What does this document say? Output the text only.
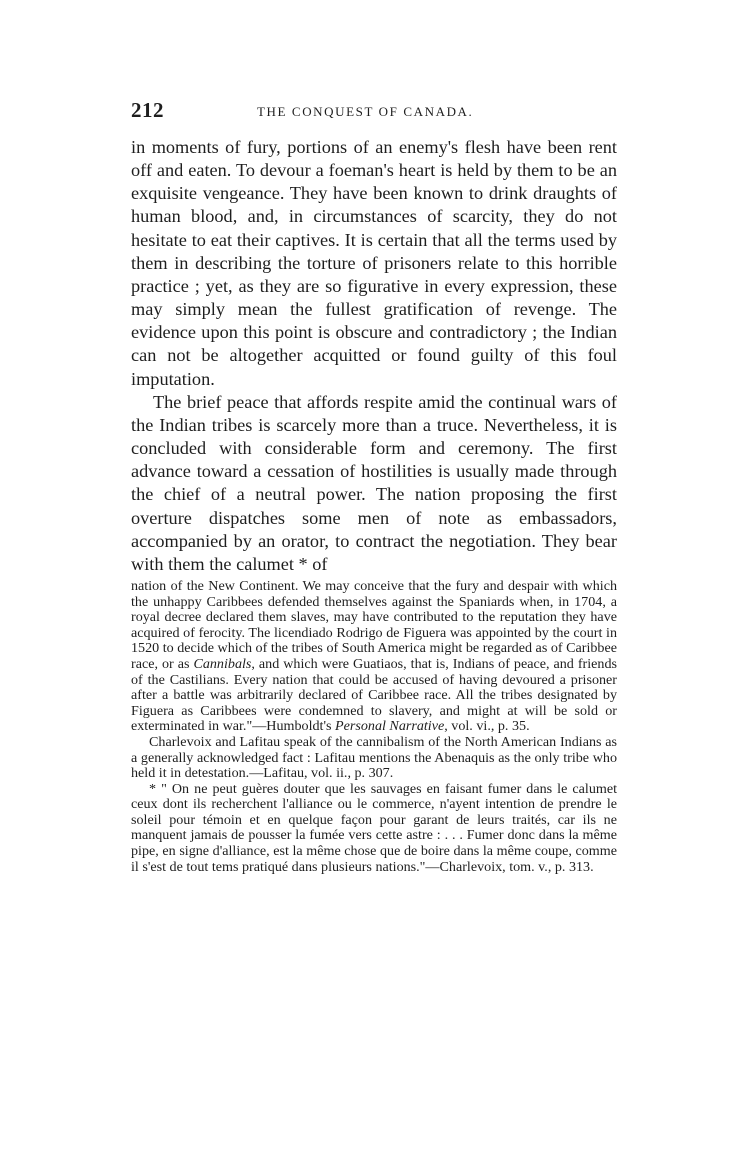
212	THE CONQUEST OF CANADA.

in moments of fury, portions of an enemy's flesh have been rent off and eaten. To devour a foeman's heart is held by them to be an exquisite vengeance. They have been known to drink draughts of human blood, and, in circumstances of scarcity, they do not hesitate to eat their captives. It is certain that all the terms used by them in describing the torture of prisoners relate to this horrible practice ; yet, as they are so figurative in every expression, these may simply mean the fullest gratification of revenge. The evidence upon this point is obscure and contradictory ; the Indian can not be altogether acquitted or found guilty of this foul imputation.

The brief peace that affords respite amid the continual wars of the Indian tribes is scarcely more than a truce. Nevertheless, it is concluded with considerable form and ceremony. The first advance toward a cessation of hostilities is usually made through the chief of a neutral power. The nation proposing the first overture dispatches some men of note as embassadors, accompanied by an orator, to contract the negotiation. They bear with them the calumet * of

nation of the New Continent. We may conceive that the fury and despair with which the unhappy Caribbees defended themselves against the Spaniards when, in 1704, a royal decree declared them slaves, may have contributed to the reputation they have acquired of ferocity. The licendiado Rodrigo de Figuera was appointed by the court in 1520 to decide which of the tribes of South America might be regarded as of Caribbee race, or as Cannibals, and which were Guatiaos, that is, Indians of peace, and friends of the Castilians. Every nation that could be accused of having devoured a prisoner after a battle was arbitrarily declared of Caribbee race. All the tribes designated by Figuera as Caribbees were condemned to slavery, and might at will be sold or exterminated in war."—Humboldt's Personal Narrative, vol. vi., p. 35.

Charlevoix and Lafitau speak of the cannibalism of the North American Indians as a generally acknowledged fact : Lafitau mentions the Abenaquis as the only tribe who held it in detestation.—Lafitau, vol. ii., p. 307.

* " On ne peut guères douter que les sauvages en faisant fumer dans le calumet ceux dont ils recherchent l'alliance ou le commerce, n'ayent intention de prendre le soleil pour témoin et en quelque façon pour garant de leurs traités, car ils ne manquent jamais de pousser la fumée vers cette astre : . . . Fumer donc dans la même pipe, en signe d'alliance, est la même chose que de boire dans la même coupe, comme il s'est de tout tems pratiqué dans plusieurs nations."—Charlevoix, tom. v., p. 313.
